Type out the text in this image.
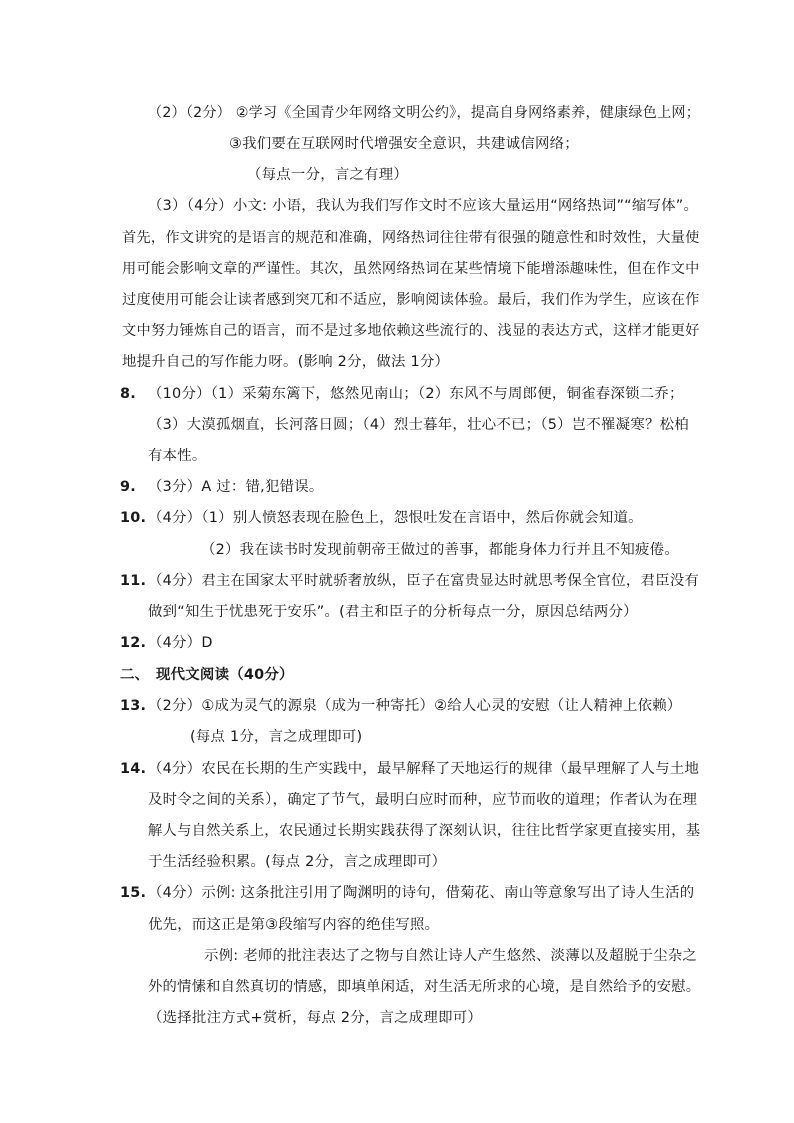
（2）（2分） ②学习《全国青少年网络文明公约》，提高自身网络素养，健康绿色上网；
③我们要在互联网时代增强安全意识，共建诚信网络；
（每点一分，言之有理）
（3）（4分）小文: 小语，我认为我们写作文时不应该大量运用“网络热词”“缩写体”。
首先，作文讲究的是语言的规范和准确，网络热词往往带有很强的随意性和时效性，大量使
用可能会影响文章的严谨性。其次，虽然网络热词在某些情境下能增添趣味性，但在作文中
过度使用可能会让读者感到突兀和不适应，影响阅读体验。最后，我们作为学生，应该在作
文中努力锤炼自己的语言，而不是过多地依赖这些流行的、浅显的表达方式，这样才能更好
地提升自己的写作能力呀。(影响 2分，做法 1分）
8. （10分）（1）采菊东篱下，悠然见南山；（2）东风不与周郎便，铜雀春深锁二乔；
（3）大漠孤烟直，长河落日圆；（4）烈士暮年，壮心不已；（5）岂不罹凝寒？松柏
有本性。
9. （3分）A 过：错,犯错误。
10. （4分）（1）别人愤怒表现在脸色上，怨恨吐发在言语中，然后你就会知道。
（2）我在读书时发现前朝帝王做过的善事，都能身体力行并且不知疲倦。
11. （4分）君主在国家太平时就骄奢放纵，臣子在富贵显达时就思考保全官位，君臣没有
做到“知生于忧患死于安乐”。(君主和臣子的分析每点一分，原因总结两分）
12. （4分）D
二、 现代文阅读（40分）
13. （2分）①成为灵气的源泉（成为一种寄托）②给人心灵的安慰（让人精神上依赖）
(每点 1分，言之成理即可)
14. （4分）农民在长期的生产实践中，最早解释了天地运行的规律（最早理解了人与土地
及时令之间的关系），确定了节气，最明白应时而种，应节而收的道理；作者认为在理
解人与自然关系上，农民通过长期实践获得了深刻认识，往往比哲学家更直接实用，基
于生活经验积累。(每点 2分，言之成理即可）
15. （4分）示例: 这条批注引用了陶渊明的诗句，借菊花、南山等意象写出了诗人生活的
优先，而这正是第③段缩写内容的绝佳写照。
示例: 老师的批注表达了之物与自然让诗人产生悠然、淡薄以及超脱于尘杂之
外的情愫和自然真切的情感，即填单闲适，对生活无所求的心境，是自然给予的安慰。
（选择批注方式+赏析，每点 2分，言之成理即可）
